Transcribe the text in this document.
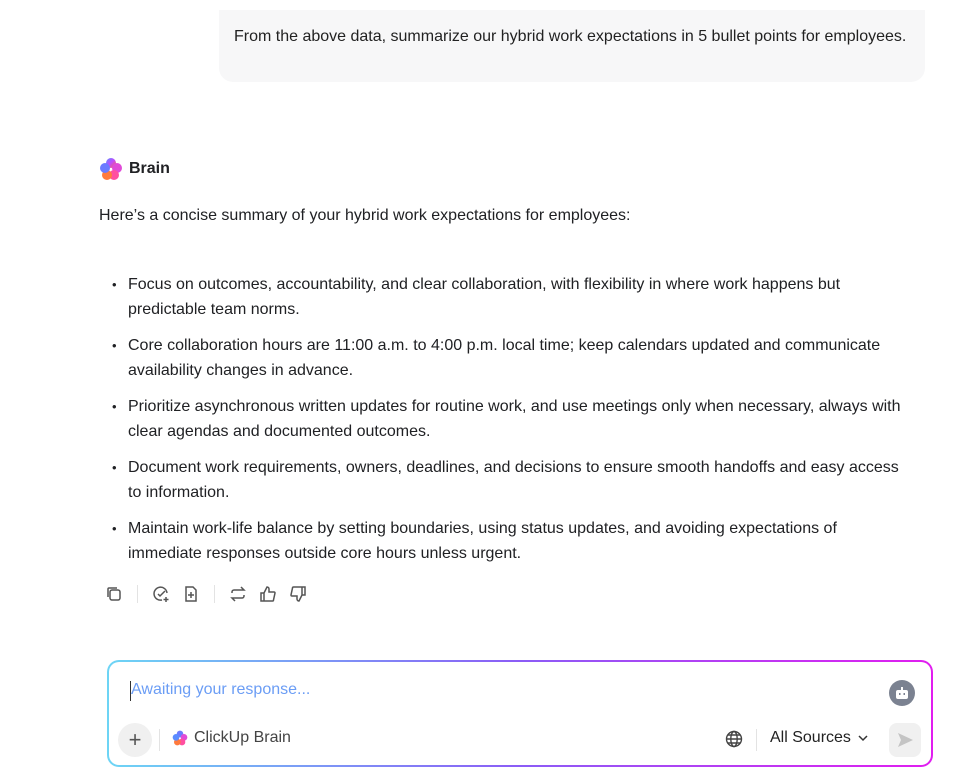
From the above data, summarize our hybrid work expectations in 5 bullet points for employees.
Brain
Here’s a concise summary of your hybrid work expectations for employees:
• Focus on outcomes, accountability, and clear collaboration, with flexibility in where work happens but predictable team norms.
• Core collaboration hours are 11:00 a.m. to 4:00 p.m. local time; keep calendars updated and communicate availability changes in advance.
• Prioritize asynchronous written updates for routine work, and use meetings only when necessary, always with clear agendas and documented outcomes.
• Document work requirements, owners, deadlines, and decisions to ensure smooth handoffs and easy access to information.
• Maintain work-life balance by setting boundaries, using status updates, and avoiding expectations of immediate responses outside core hours unless urgent.
Awaiting your response...
+	ClickUp Brain	All Sources
